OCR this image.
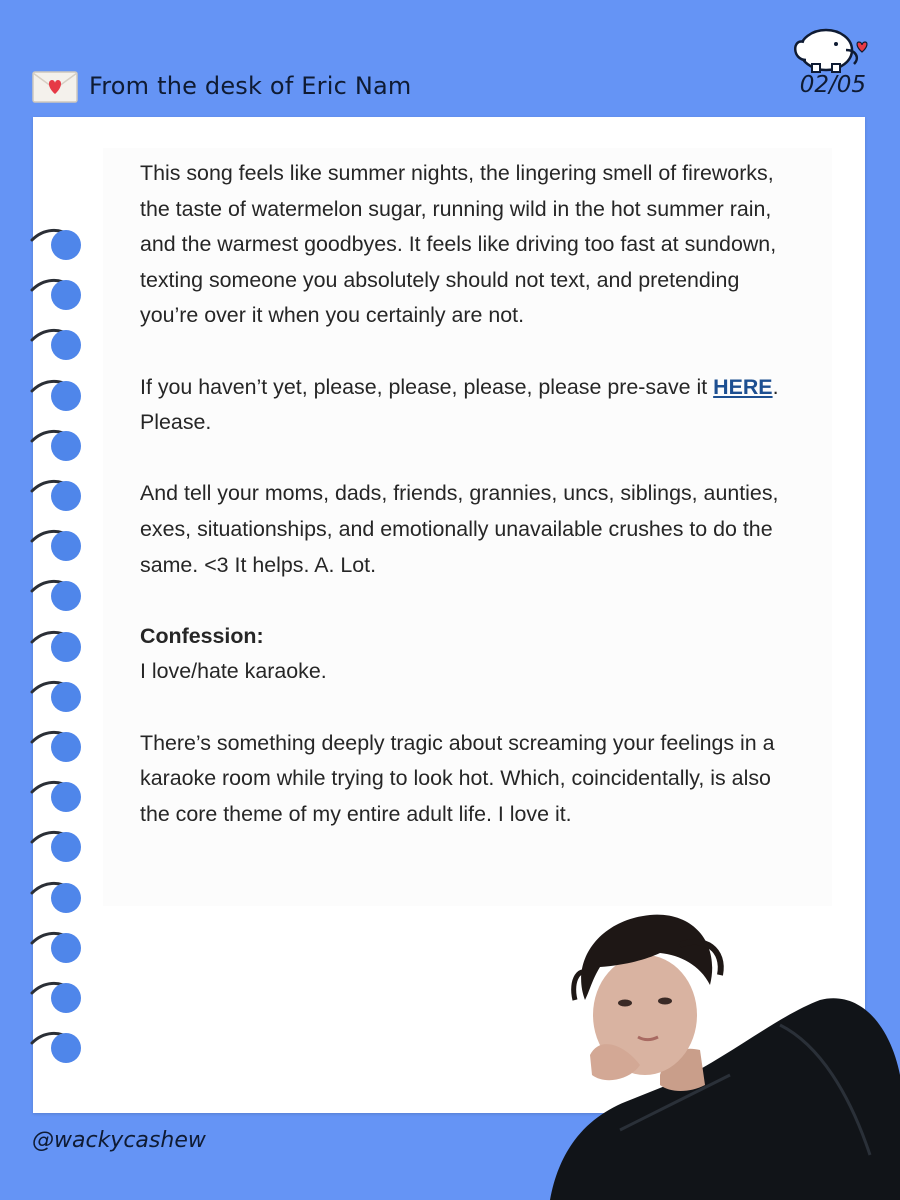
From the desk of Eric Nam	02/05

This song feels like summer nights, the lingering smell of fireworks, the taste of watermelon sugar, running wild in the hot summer rain, and the warmest goodbyes. It feels like driving too fast at sundown, texting someone you absolutely should not text, and pretending you’re over it when you certainly are not.

If you haven’t yet, please, please, please, please pre-save it HERE. Please.

And tell your moms, dads, friends, grannies, uncs, siblings, aunties, exes, situationships, and emotionally unavailable crushes to do the same. <3 It helps. A. Lot.

Confession:
I love/hate karaoke.

There’s something deeply tragic about screaming your feelings in a karaoke room while trying to look hot. Which, coincidentally, is also the core theme of my entire adult life. I love it.

@wackycashew
